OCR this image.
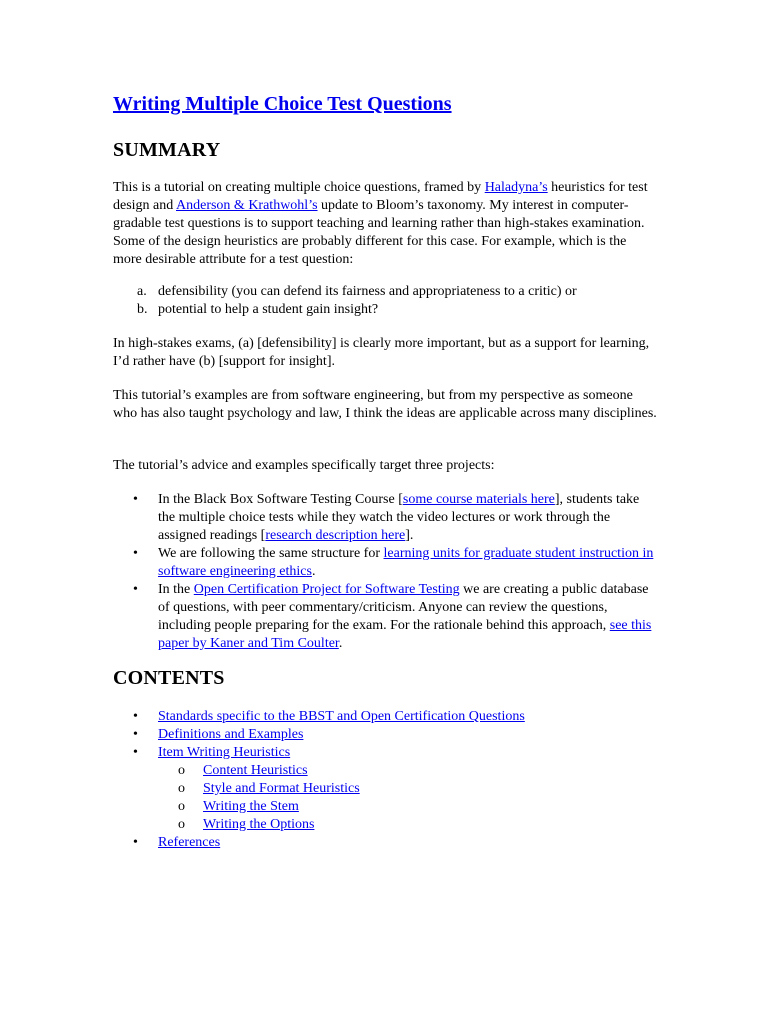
Writing Multiple Choice Test Questions
SUMMARY

This is a tutorial on creating multiple choice questions, framed by Haladyna’s heuristics for test design and Anderson & Krathwohl’s update to Bloom’s taxonomy. My interest in computer-gradable test questions is to support teaching and learning rather than high-stakes examination. Some of the design heuristics are probably different for this case. For example, which is the more desirable attribute for a test question:

a. defensibility (you can defend its fairness and appropriateness to a critic) or
b. potential to help a student gain insight?

In high-stakes exams, (a) [defensibility] is clearly more important, but as a support for learning, I’d rather have (b) [support for insight].

This tutorial’s examples are from software engineering, but from my perspective as someone who has also taught psychology and law, I think the ideas are applicable across many disciplines.

The tutorial’s advice and examples specifically target three projects:

• In the Black Box Software Testing Course [some course materials here], students take the multiple choice tests while they watch the video lectures or work through the assigned readings [research description here].
• We are following the same structure for learning units for graduate student instruction in software engineering ethics.
• In the Open Certification Project for Software Testing we are creating a public database of questions, with peer commentary/criticism. Anyone can review the questions, including people preparing for the exam. For the rationale behind this approach, see this paper by Kaner and Tim Coulter.
CONTENTS
• Standards specific to the BBST and Open Certification Questions
• Definitions and Examples
• Item Writing Heuristics
o Content Heuristics
o Style and Format Heuristics
o Writing the Stem
o Writing the Options
• References
